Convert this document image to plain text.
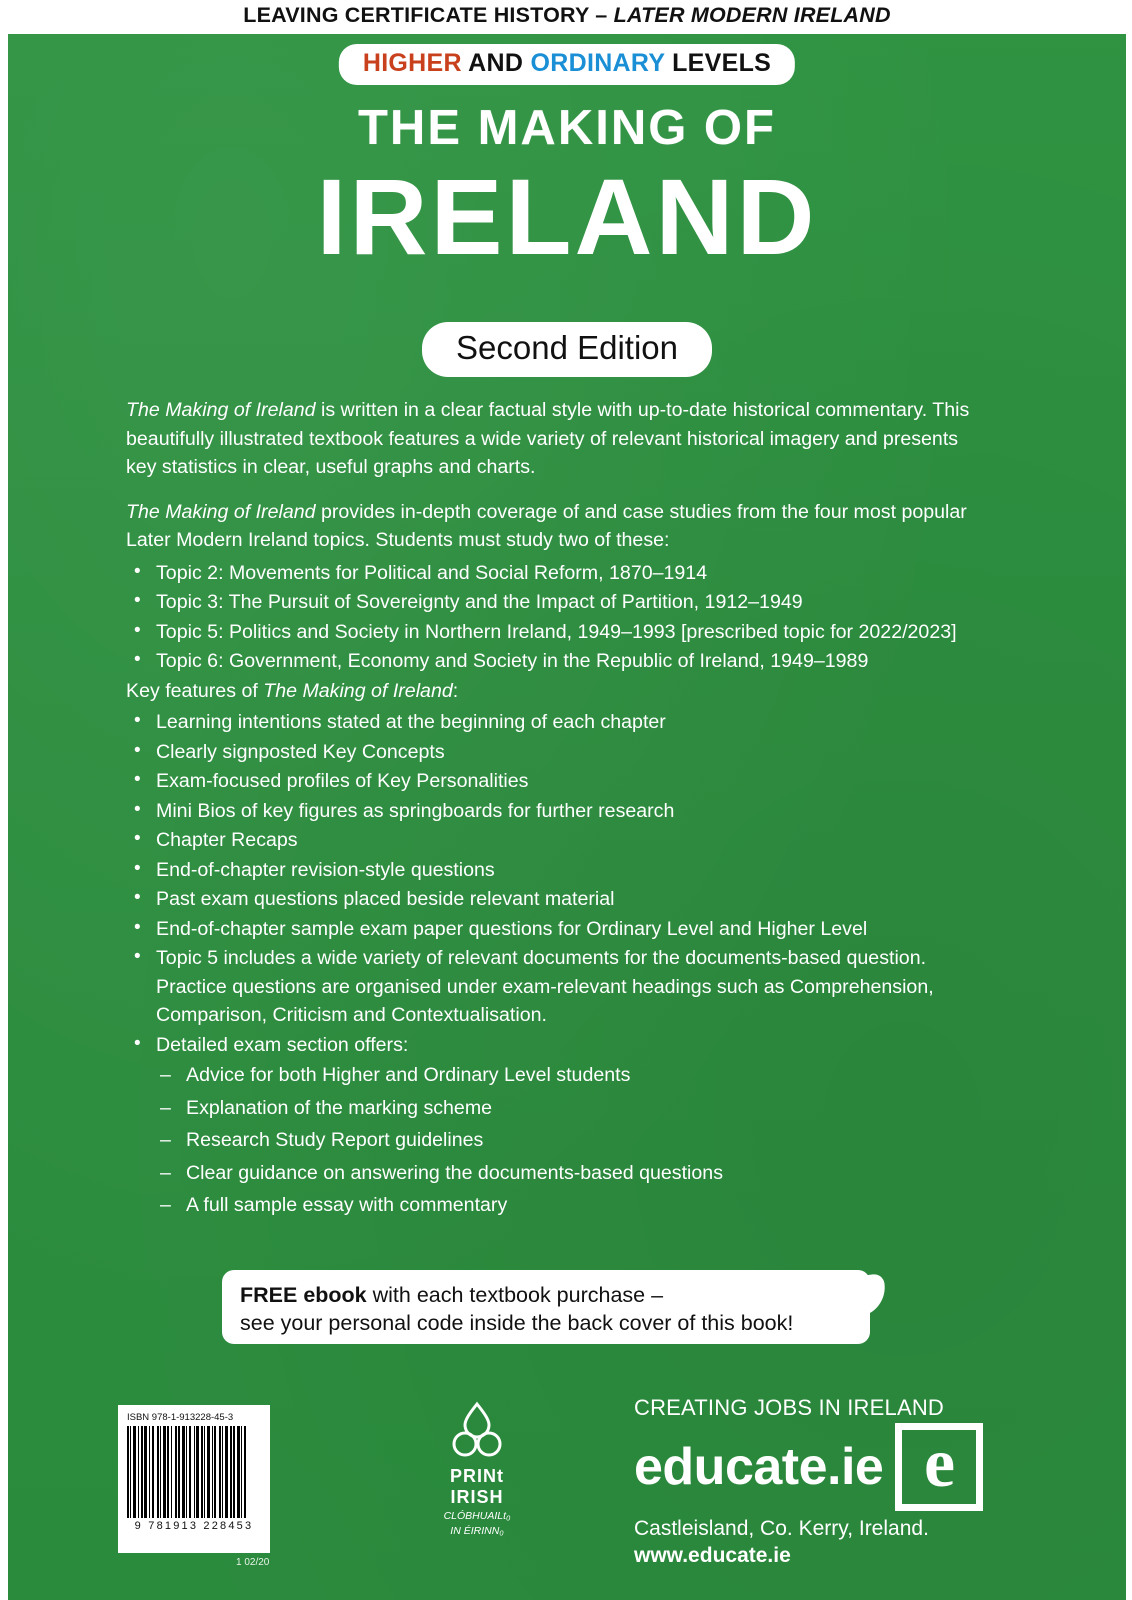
LEAVING CERTIFICATE HISTORY – LATER MODERN IRELAND
HIGHER AND ORDINARY LEVELS
THE MAKING OF
IRELAND
Second Edition

The Making of Ireland is written in a clear factual style with up-to-date historical commentary. This beautifully illustrated textbook features a wide variety of relevant historical imagery and presents key statistics in clear, useful graphs and charts.

The Making of Ireland provides in-depth coverage of and case studies from the four most popular Later Modern Ireland topics. Students must study two of these:

• Topic 2: Movements for Political and Social Reform, 1870–1914
• Topic 3: The Pursuit of Sovereignty and the Impact of Partition, 1912–1949
• Topic 5: Politics and Society in Northern Ireland, 1949–1993 [prescribed topic for 2022/2023]
• Topic 6: Government, Economy and Society in the Republic of Ireland, 1949–1989

Key features of The Making of Ireland:

• Learning intentions stated at the beginning of each chapter
• Clearly signposted Key Concepts
• Exam-focused profiles of Key Personalities
• Mini Bios of key figures as springboards for further research
• Chapter Recaps
• End-of-chapter revision-style questions
• Past exam questions placed beside relevant material
• End-of-chapter sample exam paper questions for Ordinary Level and Higher Level
• Topic 5 includes a wide variety of relevant documents for the documents-based question. Practice questions are organised under exam-relevant headings such as Comprehension, Comparison, Criticism and Contextualisation.
• Detailed exam section offers:
– Advice for both Higher and Ordinary Level students
– Explanation of the marking scheme
– Research Study Report guidelines
– Clear guidance on answering the documents-based questions
– A full sample essay with commentary
FREE ebook with each textbook purchase –
see your personal code inside the back cover of this book!
ISBN 978-1-913228-45-3
9 781913 228453
1 02/20
PRINt
IRISH
CLÓBHUAILt₀
IN ÉIRINN₀
CREATING JOBS IN IRELAND
educate.ie e
Castleisland, Co. Kerry, Ireland.
www.educate.ie
